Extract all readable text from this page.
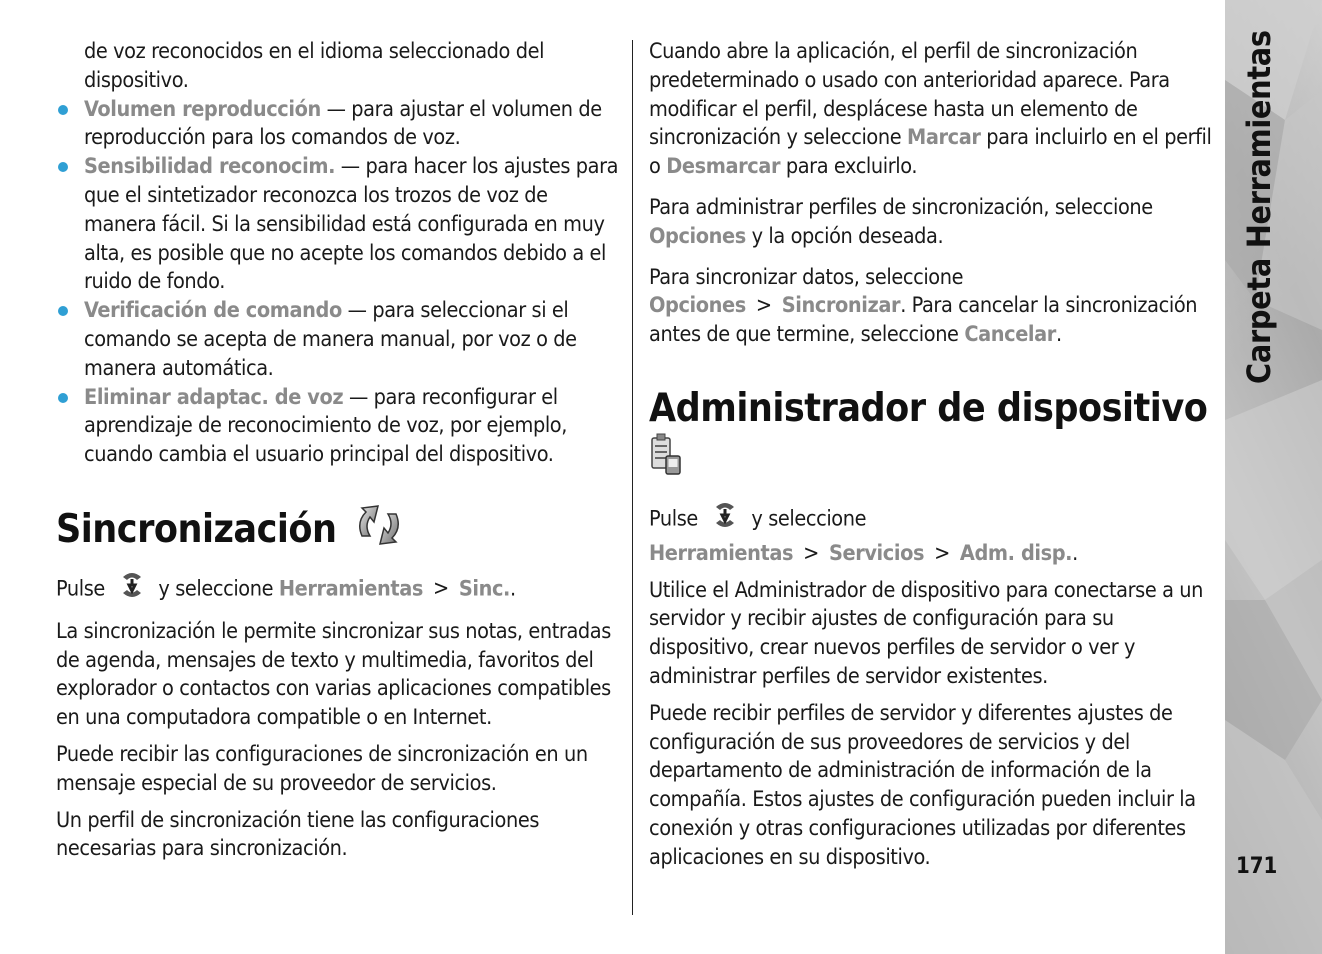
de voz reconocidos en el idioma seleccionado del dispositivo.
Volumen reproducción — para ajustar el volumen de reproducción para los comandos de voz.
Sensibilidad reconocim. — para hacer los ajustes para que el sintetizador reconozca los trozos de voz de manera fácil. Si la sensibilidad está configurada en muy alta, es posible que no acepte los comandos debido a el ruido de fondo.
Verificación de comando — para seleccionar si el comando se acepta de manera manual, por voz o de manera automática.
Eliminar adaptac. de voz — para reconfigurar el aprendizaje de reconocimiento de voz, por ejemplo, cuando cambia el usuario principal del dispositivo.
Sincronización

Pulse y seleccione Herramientas > Sinc..

La sincronización le permite sincronizar sus notas, entradas de agenda, mensajes de texto y multimedia, favoritos del explorador o contactos con varias aplicaciones compatibles en una computadora compatible o en Internet.

Puede recibir las configuraciones de sincronización en un mensaje especial de su proveedor de servicios.

Un perfil de sincronización tiene las configuraciones necesarias para sincronización.

Cuando abre la aplicación, el perfil de sincronización predeterminado o usado con anterioridad aparece. Para modificar el perfil, desplácese hasta un elemento de sincronización y seleccione Marcar para incluirlo en el perfil o Desmarcar para excluirlo.

Para administrar perfiles de sincronización, seleccione Opciones y la opción deseada.

Para sincronizar datos, seleccione Opciones > Sincronizar. Para cancelar la sincronización antes de que termine, seleccione Cancelar.

Administrador de dispositivo

Pulse y seleccione Herramientas > Servicios > Adm. disp..

Utilice el Administrador de dispositivo para conectarse a un servidor y recibir ajustes de configuración para su dispositivo, crear nuevos perfiles de servidor o ver y administrar perfiles de servidor existentes.

Puede recibir perfiles de servidor y diferentes ajustes de configuración de sus proveedores de servicios y del departamento de administración de información de la compañía. Estos ajustes de configuración pueden incluir la conexión y otras configuraciones utilizadas por diferentes aplicaciones en su dispositivo.

Carpeta Herramientas
171
